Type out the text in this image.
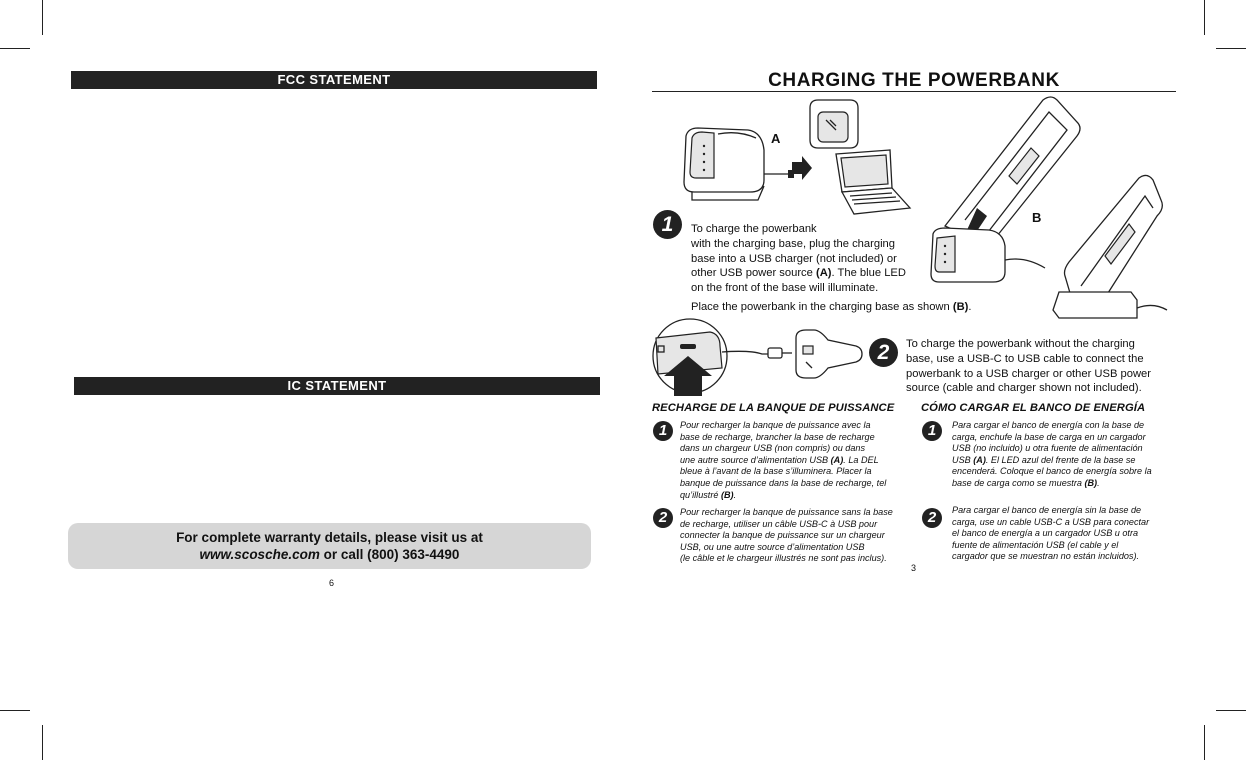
FCC STATEMENT
IC STATEMENT
For complete warranty details, please visit us at
www.scosche.com or call (800) 363-4490
6
CHARGING THE POWERBANK
A
B
1	To charge the powerbank
with the charging base, plug the charging
base into a USB charger (not included) or
other USB power source (A). The blue LED
on the front of the base will illuminate.
Place the powerbank in the charging base as shown (B).
2	To charge the powerbank without the charging
base, use a USB-C to USB cable to connect the
powerbank to a USB charger or other USB power
source (cable and charger shown not included).
RECHARGE DE LA BANQUE DE PUISSANCE
1	Pour recharger la banque de puissance avec la
base de recharge, brancher la base de recharge
dans un chargeur USB (non compris) ou dans
une autre source d’alimentation USB (A). La DEL
bleue à l’avant de la base s’illuminera. Placer la
banque de puissance dans la base de recharge, tel
qu’illustré (B).
2	Pour recharger la banque de puissance sans la base
de recharge, utiliser un câble USB-C à USB pour
connecter la banque de puissance sur un chargeur
USB, ou une autre source d’alimentation USB
(le câble et le chargeur illustrés ne sont pas inclus).
CÓMO CARGAR EL BANCO DE ENERGÍA
1	Para cargar el banco de energía con la base de
carga, enchufe la base de carga en un cargador
USB (no incluido) u otra fuente de alimentación
USB (A). El LED azul del frente de la base se
encenderá. Coloque el banco de energía sobre la
base de carga como se muestra (B).
2	Para cargar el banco de energía sin la base de
carga, use un cable USB-C a USB para conectar
el banco de energía a un cargador USB u otra
fuente de alimentación USB (el cable y el
cargador que se muestran no están incluidos).
3
